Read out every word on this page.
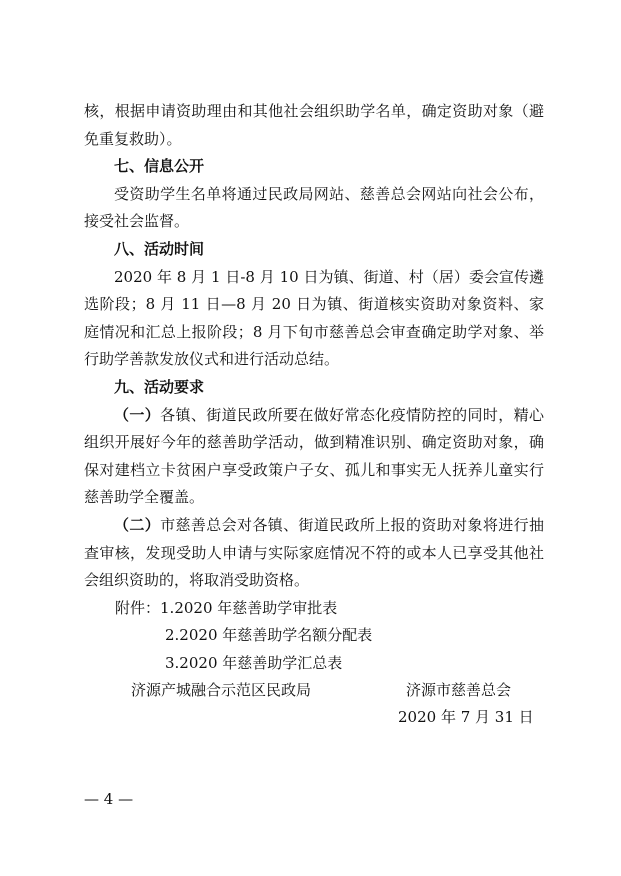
核，根据申请资助理由和其他社会组织助学名单，确定资助对象（避免重复救助）。

七、信息公开

受资助学生名单将通过民政局网站、慈善总会网站向社会公布，接受社会监督。

八、活动时间

2020 年 8 月 1 日-8 月 10 日为镇、街道、村（居）委会宣传遴选阶段；8 月 11 日—8 月 20 日为镇、街道核实资助对象资料、家庭情况和汇总上报阶段；8 月下旬市慈善总会审查确定助学对象、举行助学善款发放仪式和进行活动总结。

九、活动要求

（一）各镇、街道民政所要在做好常态化疫情防控的同时，精心组织开展好今年的慈善助学活动，做到精准识别、确定资助对象，确保对建档立卡贫困户享受政策户子女、孤儿和事实无人抚养儿童实行慈善助学全覆盖。

（二）市慈善总会对各镇、街道民政所上报的资助对象将进行抽查审核，发现受助人申请与实际家庭情况不符的或本人已享受其他社会组织资助的，将取消受助资格。

附件：1.2020 年慈善助学审批表

2.2020 年慈善助学名额分配表

3.2020 年慈善助学汇总表

济源产城融合示范区民政局	济源市慈善总会
2020 年 7 月 31 日
— 4 —
